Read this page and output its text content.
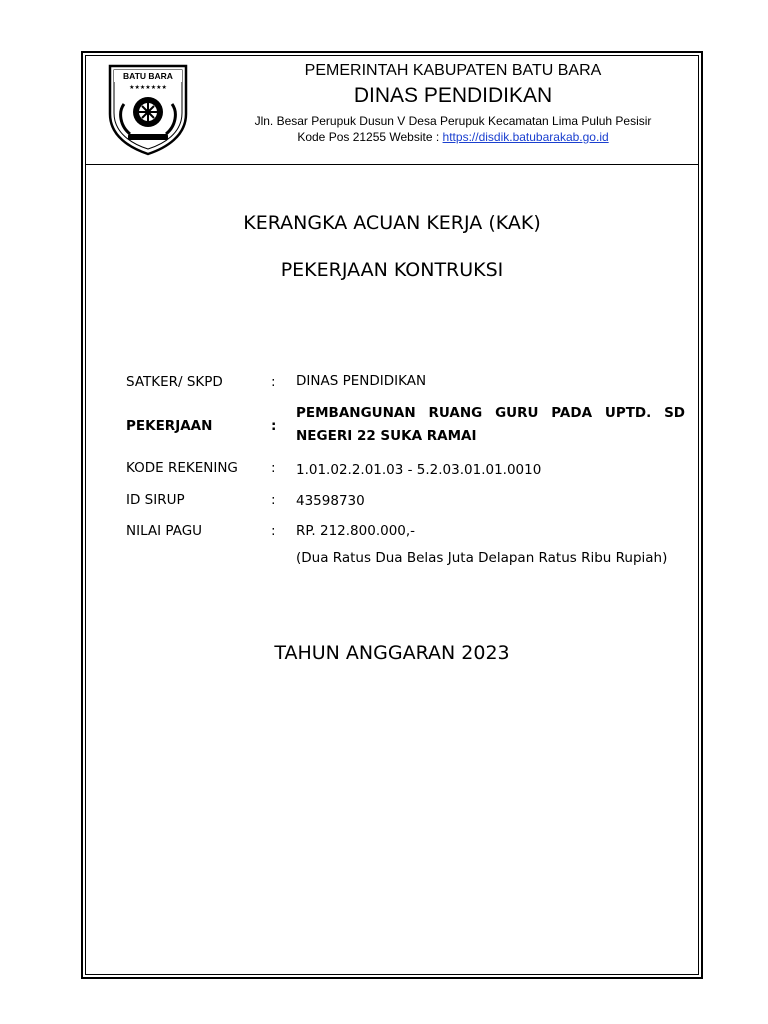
BATU BARA
★★★★★★★
PEMERINTAH KABUPATEN BATU BARA
DINAS PENDIDIKAN
Jln. Besar Perupuk Dusun V Desa Perupuk Kecamatan Lima Puluh Pesisir
Kode Pos 21255 Website : https://disdik.batubarakab.go.id
KERANGKA ACUAN KERJA (KAK)
PEKERJAAN KONTRUKSI
SATKER/ SKPD	: DINAS PENDIDIKAN
PEKERJAAN	:
PEMBANGUNAN RUANG GURU PADA UPTD. SD NEGERI 22 SUKA RAMAI
KODE REKENING : 1.01.02.2.01.03 - 5.2.03.01.01.0010
ID SIRUP	: 43598730
NILAI PAGU	: RP. 212.800.000,-
(Dua Ratus Dua Belas Juta Delapan Ratus Ribu Rupiah)
TAHUN ANGGARAN 2023
